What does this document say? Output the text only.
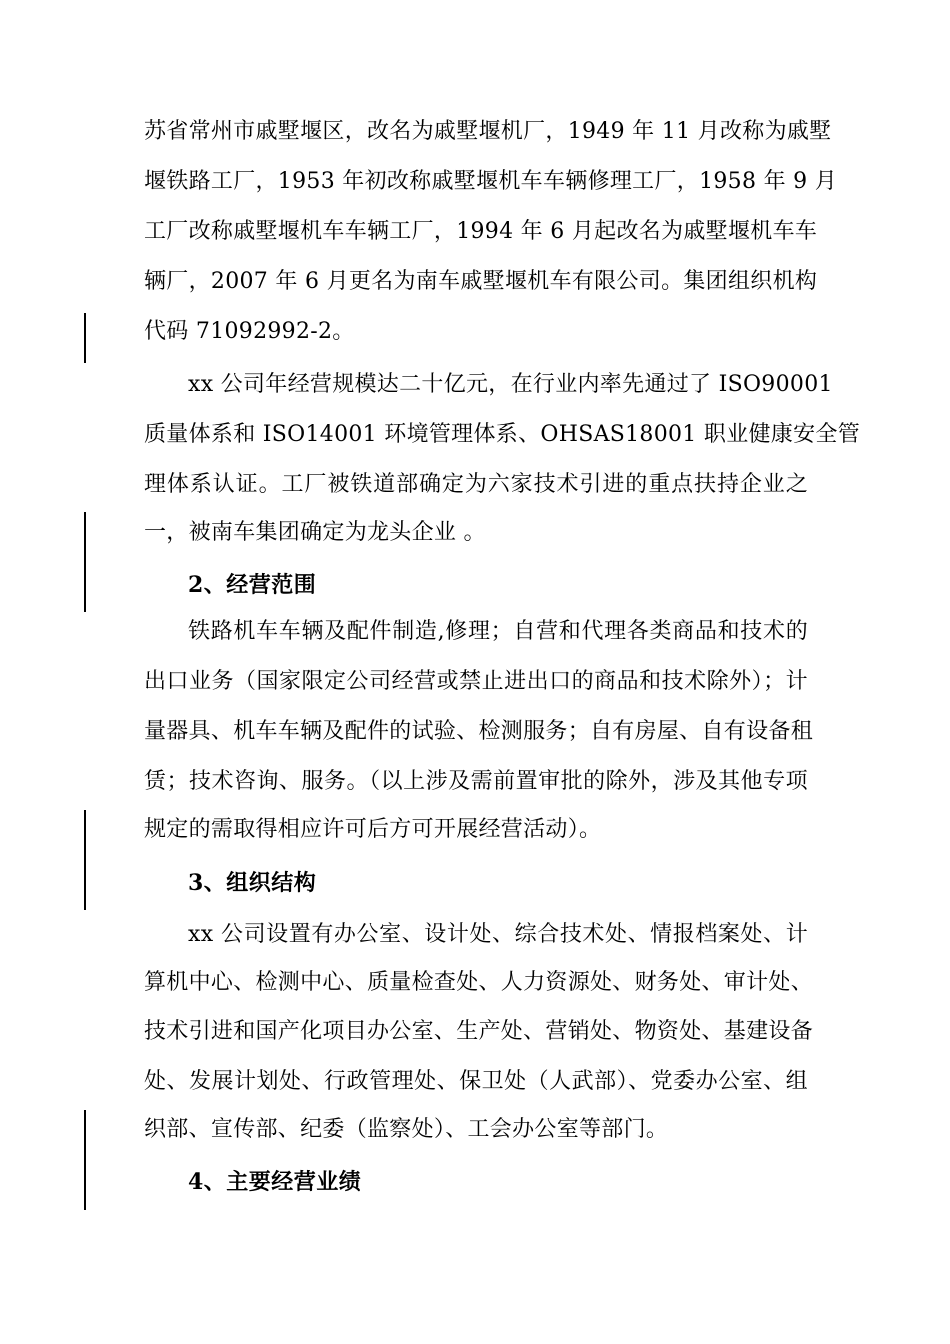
苏省常州市戚墅堰区，改名为戚墅堰机厂，1949 年 11 月改称为戚墅
堰铁路工厂，1953 年初改称戚墅堰机车车辆修理工厂，1958 年 9 月
工厂改称戚墅堰机车车辆工厂，1994 年 6 月起改名为戚墅堰机车车
辆厂，2007 年 6 月更名为南车戚墅堰机车有限公司。集团组织机构
代码 71092992-2。
xx 公司年经营规模达二十亿元，在行业内率先通过了 ISO90001
质量体系和 ISO14001 环境管理体系、OHSAS18001 职业健康安全管
理体系认证。工厂被铁道部确定为六家技术引进的重点扶持企业之
一，被南车集团确定为龙头企业 。
2、经营范围
铁路机车车辆及配件制造,修理；自营和代理各类商品和技术的
出口业务（国家限定公司经营或禁止进出口的商品和技术除外）；计
量器具、机车车辆及配件的试验、检测服务；自有房屋、自有设备租
赁；技术咨询、服务。（以上涉及需前置审批的除外，涉及其他专项
规定的需取得相应许可后方可开展经营活动）。
3、组织结构
xx 公司设置有办公室、设计处、综合技术处、情报档案处、计
算机中心、检测中心、质量检查处、人力资源处、财务处、审计处、
技术引进和国产化项目办公室、生产处、营销处、物资处、基建设备
处、发展计划处、行政管理处、保卫处（人武部）、党委办公室、组
织部、宣传部、纪委（监察处）、工会办公室等部门。
4、主要经营业绩
